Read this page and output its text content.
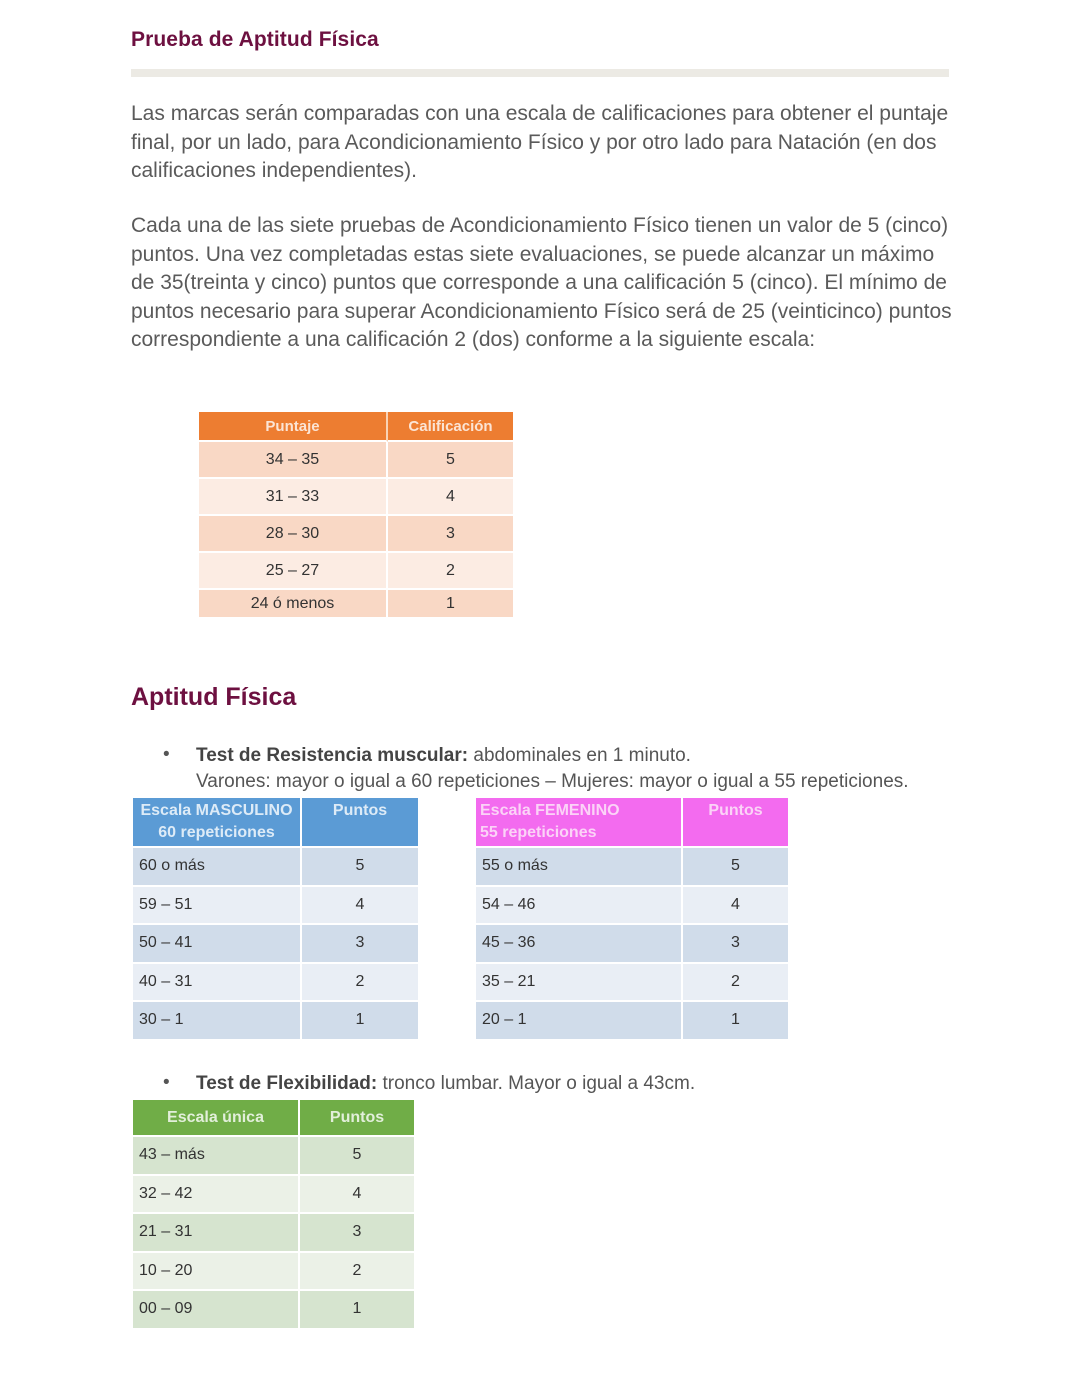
Prueba de Aptitud Física

Las marcas serán comparadas con una escala de calificaciones para obtener el puntaje final, por un lado, para Acondicionamiento Físico y por otro lado para Natación (en dos calificaciones independientes).

Cada una de las siete pruebas de Acondicionamiento Físico tienen un valor de 5 (cinco) puntos. Una vez completadas estas siete evaluaciones, se puede alcanzar un máximo de 35(treinta y cinco) puntos que corresponde a una calificación 5 (cinco). El mínimo de puntos necesario para superar Acondicionamiento Físico será de 25 (veinticinco) puntos correspondiente a una calificación 2 (dos) conforme a la siguiente escala:

Puntaje	Calificación
34 – 35	5
31 – 33	4
28 – 30	3
25 – 27	2
24 ó menos	1
Aptitud Física
• Test de Resistencia muscular: abdominales en 1 minuto.
Varones: mayor o igual a 60 repeticiones – Mujeres: mayor o igual a 55 repeticiones.
Escala MASCULINO
60 repeticiones	Puntos
60 o más	5
59 – 51	4
50 – 41	3
40 – 31	2
30 – 1	1
Escala FEMENINO
55 repeticiones	Puntos
55 o más	5
54 – 46	4
45 – 36	3
35 – 21	2
20 – 1	1
• Test de Flexibilidad: tronco lumbar. Mayor o igual a 43cm.
Escala única	Puntos
43 – más	5
32 – 42	4
21 – 31	3
10 – 20	2
00 – 09	1
